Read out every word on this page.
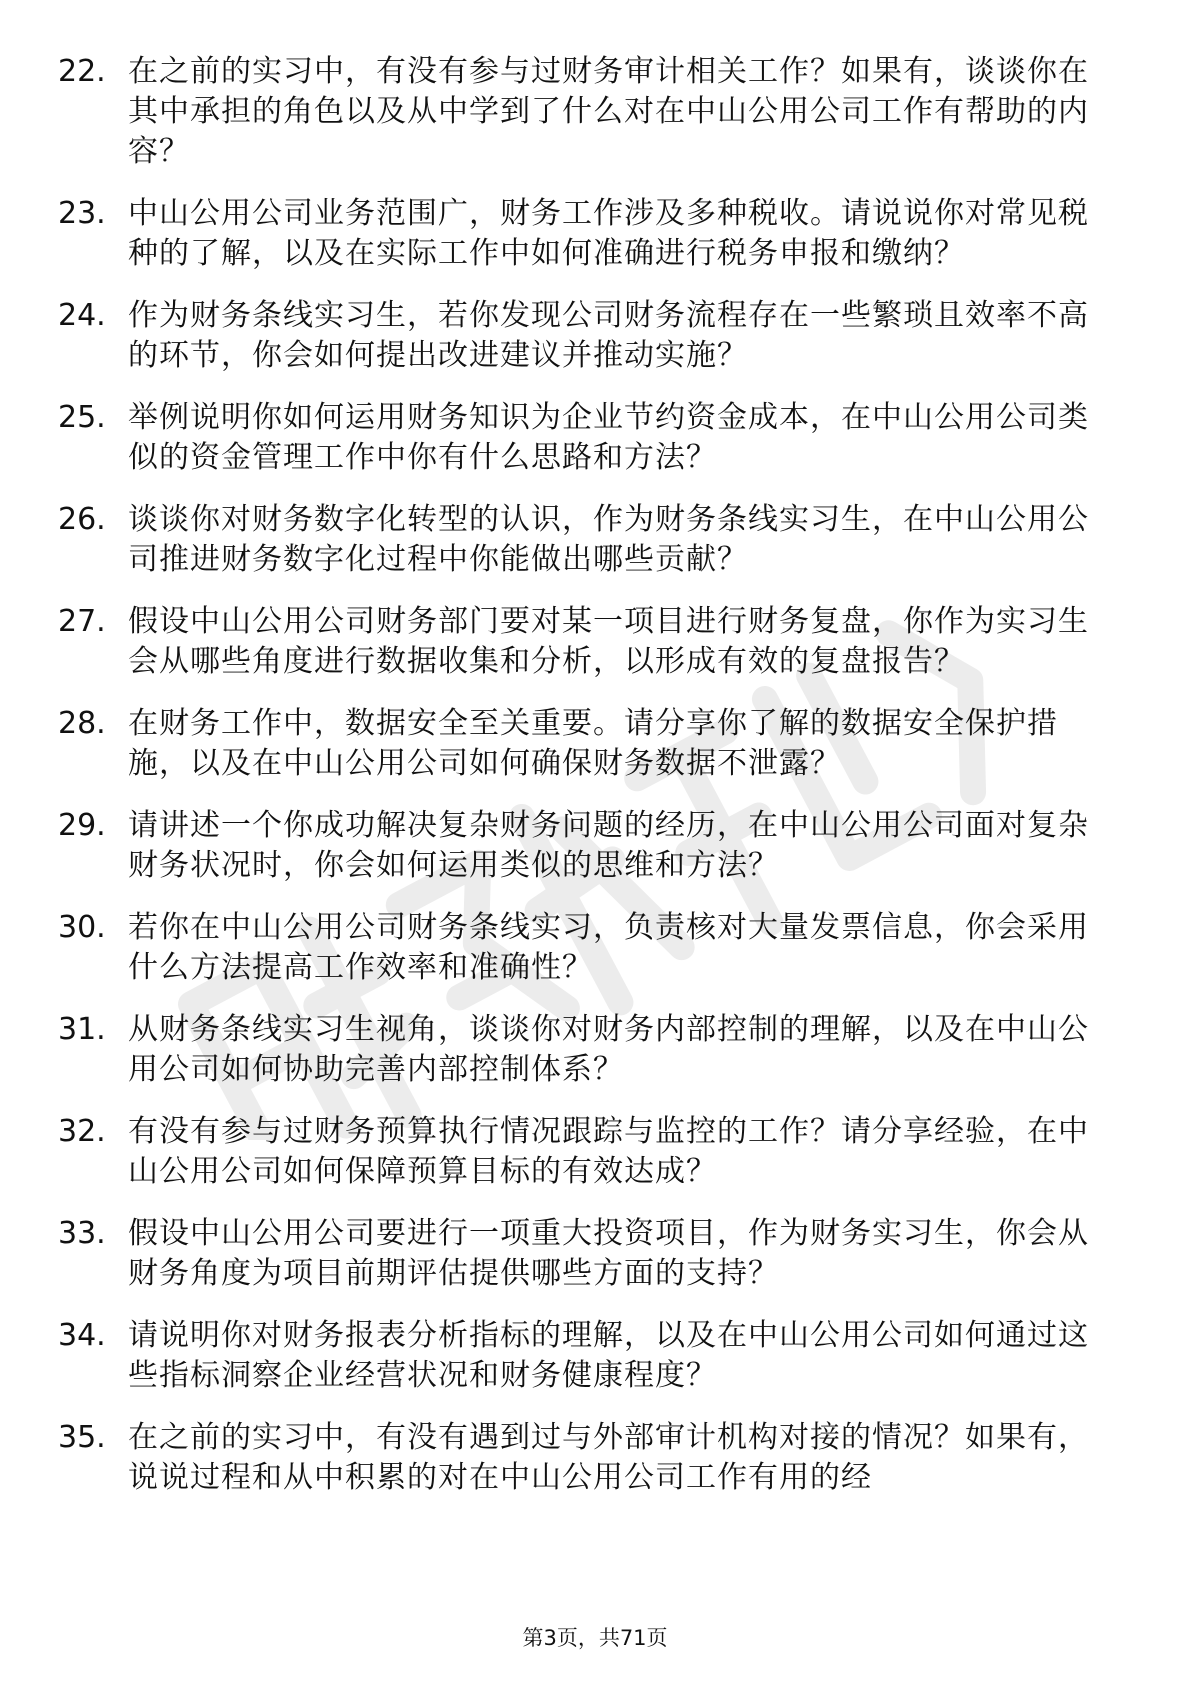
22. 在之前的实习中，有没有参与过财务审计相关工作？如果有，谈谈你在其中承担的角色以及从中学到了什么对在中山公用公司工作有帮助的内容？
23. 中山公用公司业务范围广，财务工作涉及多种税收。请说说你对常见税种的了解，以及在实际工作中如何准确进行税务申报和缴纳？
24. 作为财务条线实习生，若你发现公司财务流程存在一些繁琐且效率不高的环节，你会如何提出改进建议并推动实施？
25. 举例说明你如何运用财务知识为企业节约资金成本，在中山公用公司类似的资金管理工作中你有什么思路和方法？
26. 谈谈你对财务数字化转型的认识，作为财务条线实习生，在中山公用公司推进财务数字化过程中你能做出哪些贡献？
27. 假设中山公用公司财务部门要对某一项目进行财务复盘，你作为实习生会从哪些角度进行数据收集和分析，以形成有效的复盘报告？
28. 在财务工作中，数据安全至关重要。请分享你了解的数据安全保护措施，以及在中山公用公司如何确保财务数据不泄露？
29. 请讲述一个你成功解决复杂财务问题的经历，在中山公用公司面对复杂财务状况时，你会如何运用类似的思维和方法？
30. 若你在中山公用公司财务条线实习，负责核对大量发票信息，你会采用什么方法提高工作效率和准确性？
31. 从财务条线实习生视角，谈谈你对财务内部控制的理解，以及在中山公用公司如何协助完善内部控制体系？
32. 有没有参与过财务预算执行情况跟踪与监控的工作？请分享经验，在中山公用公司如何保障预算目标的有效达成？
33. 假设中山公用公司要进行一项重大投资项目，作为财务实习生，你会从财务角度为项目前期评估提供哪些方面的支持？
34. 请说明你对财务报表分析指标的理解，以及在中山公用公司如何通过这些指标洞察企业经营状况和财务健康程度？
35. 在之前的实习中，有没有遇到过与外部审计机构对接的情况？如果有，说说过程和从中积累的对在中山公用公司工作有用的经
第3页，共71页
